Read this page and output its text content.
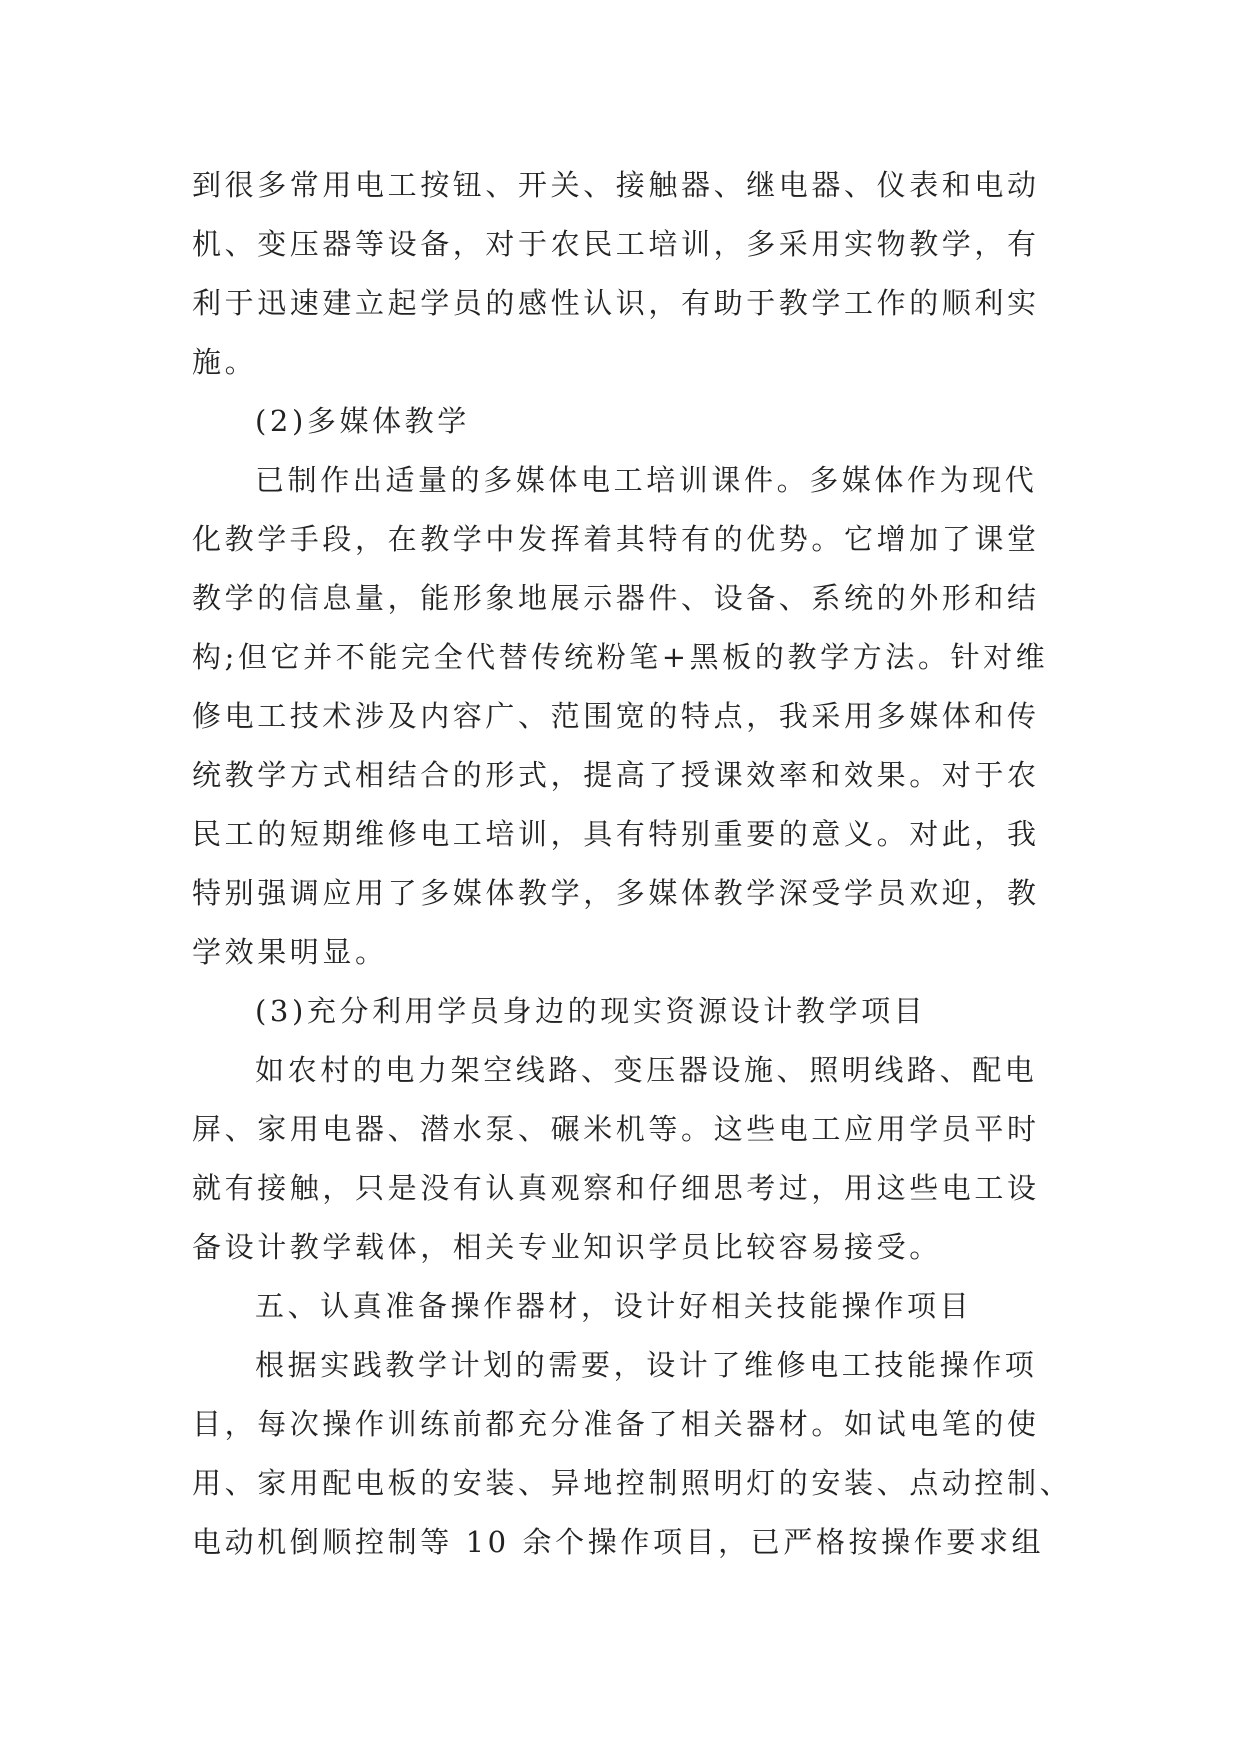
到很多常用电工按钮、开关、接触器、继电器、仪表和电动
机、变压器等设备，对于农民工培训，多采用实物教学，有
利于迅速建立起学员的感性认识，有助于教学工作的顺利实
施。
(2)多媒体教学
已制作出适量的多媒体电工培训课件。多媒体作为现代
化教学手段，在教学中发挥着其特有的优势。它增加了课堂
教学的信息量，能形象地展示器件、设备、系统的外形和结
构;但它并不能完全代替传统粉笔+黑板的教学方法。针对维
修电工技术涉及内容广、范围宽的特点，我采用多媒体和传
统教学方式相结合的形式，提高了授课效率和效果。对于农
民工的短期维修电工培训，具有特别重要的意义。对此，我
特别强调应用了多媒体教学，多媒体教学深受学员欢迎，教
学效果明显。
(3)充分利用学员身边的现实资源设计教学项目
如农村的电力架空线路、变压器设施、照明线路、配电
屏、家用电器、潜水泵、碾米机等。这些电工应用学员平时
就有接触，只是没有认真观察和仔细思考过，用这些电工设
备设计教学载体，相关专业知识学员比较容易接受。
五、认真准备操作器材，设计好相关技能操作项目
根据实践教学计划的需要，设计了维修电工技能操作项
目，每次操作训练前都充分准备了相关器材。如试电笔的使
用、家用配电板的安装、异地控制照明灯的安装、点动控制、
电动机倒顺控制等 10 余个操作项目，已严格按操作要求组
